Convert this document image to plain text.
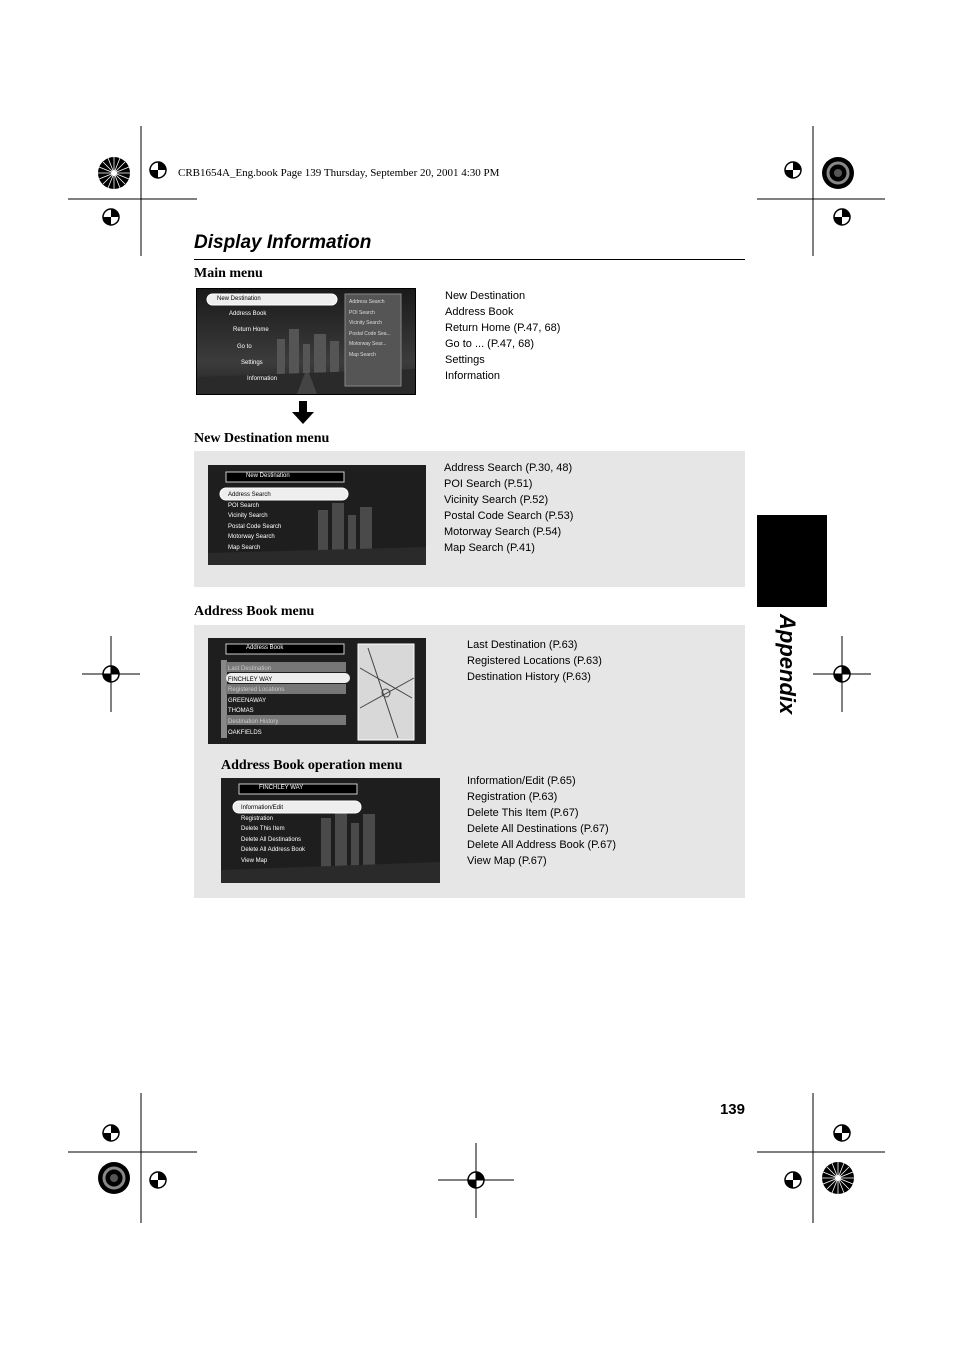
CRB1654A_Eng.book Page 139 Thursday, September 20, 2001 4:30 PM
Display Information
Main menu
New Destination
Address Book
Return Home
Go to
Settings
Information
Address Search
POI Search
Vicinity Search
Postal Code Sea...
Motorway Sear...
Map Search
New Destination
Address Book
Return Home (P.47, 68)
Go to ... (P.47, 68)
Settings
Information
New Destination menu
New Destination
Address Search
POI Search
Vicinity Search
Postal Code Search
Motorway Search
Map Search
Address Search (P.30, 48)
POI Search (P.51)
Vicinity Search (P.52)
Postal Code Search (P.53)
Motorway Search (P.54)
Map Search (P.41)
Address Book menu
Address Book
Last Destination
FINCHLEY WAY
Registered Locations
GREENAWAY
THOMAS
Destination History
OAKFIELDS
Last Destination (P.63)
Registered Locations (P.63)
Destination History (P.63)
Address Book operation menu
FINCHLEY WAY
Information/Edit
Registration
Delete This Item
Delete All Destinations
Delete All Address Book
View Map
Information/Edit (P.65)
Registration (P.63)
Delete This Item (P.67)
Delete All Destinations (P.67)
Delete All Address Book (P.67)
View Map (P.67)
Appendix
139
